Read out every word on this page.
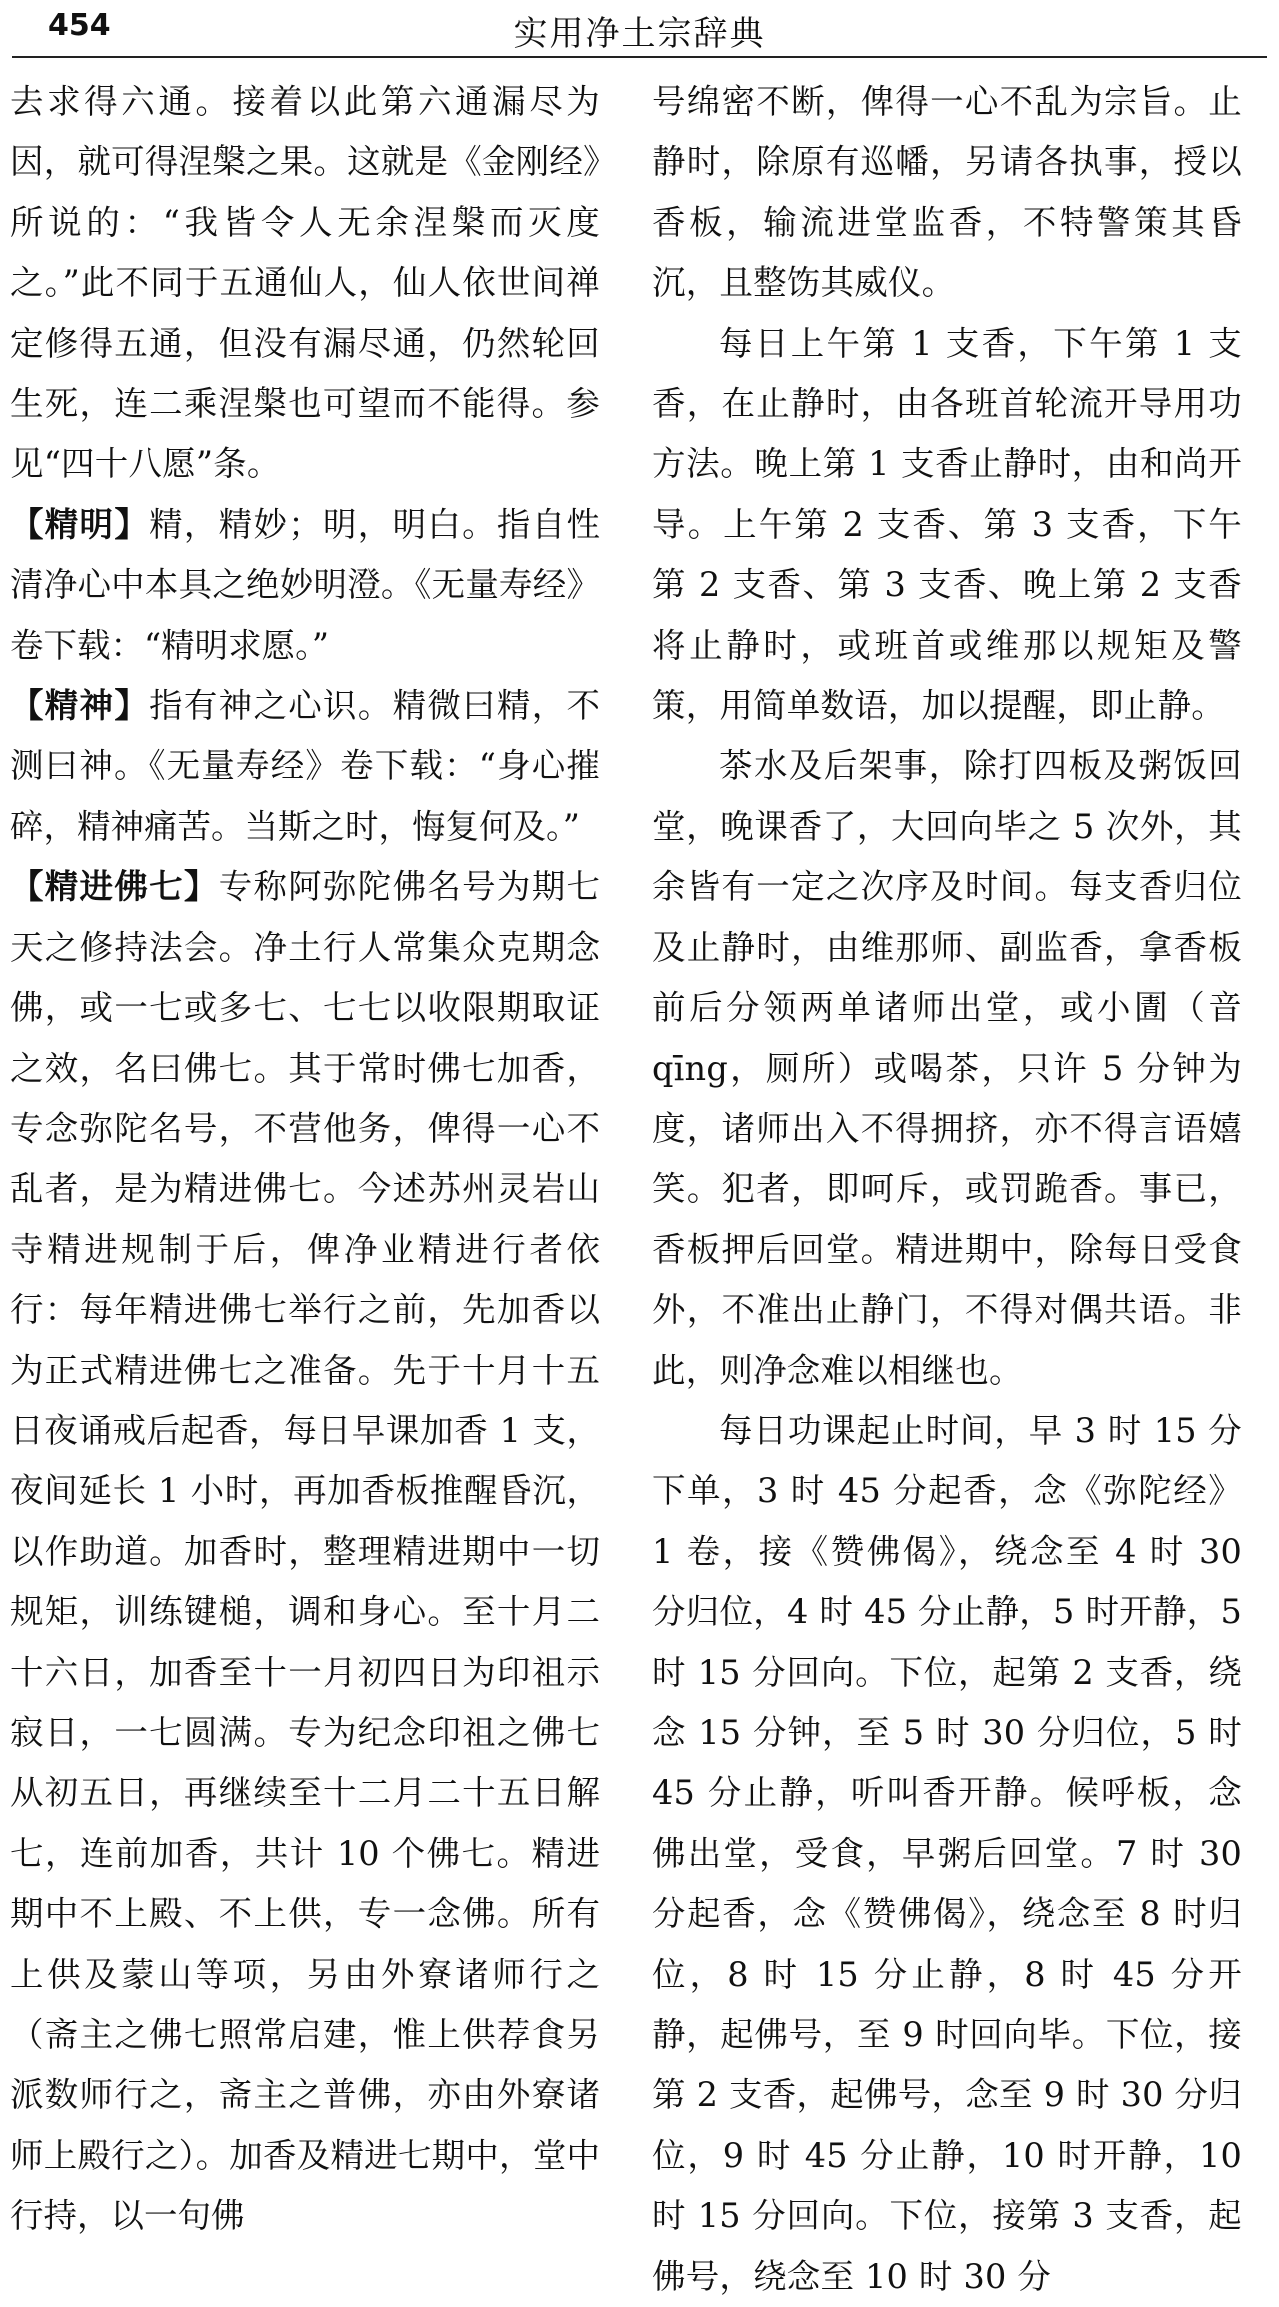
454	实用净土宗辞典

去求得六通。接着以此第六通漏尽为因，就可得涅槃之果。这就是《金刚经》所说的：“我皆令人无余涅槃而灭度之。”此不同于五通仙人，仙人依世间禅定修得五通，但没有漏尽通，仍然轮回生死，连二乘涅槃也可望而不能得。参见“四十八愿”条。

【精明】精，精妙；明，明白。指自性清净心中本具之绝妙明澄。《无量寿经》卷下载：“精明求愿。”

【精神】指有神之心识。精微曰精，不测曰神。《无量寿经》卷下载：“身心摧碎，精神痛苦。当斯之时，悔复何及。”

【精进佛七】专称阿弥陀佛名号为期七天之修持法会。净土行人常集众克期念佛，或一七或多七、七七以收限期取证之效，名曰佛七。其于常时佛七加香，专念弥陀名号，不营他务，俾得一心不乱者，是为精进佛七。今述苏州灵岩山寺精进规制于后，俾净业精进行者依行：每年精进佛七举行之前，先加香以为正式精进佛七之准备。先于十月十五日夜诵戒后起香，每日早课加香 1 支，夜间延长 1 小时，再加香板推醒昏沉，以作助道。加香时，整理精进期中一切规矩，训练键槌，调和身心。至十月二十六日，加香至十一月初四日为印祖示寂日，一七圆满。专为纪念印祖之佛七从初五日，再继续至十二月二十五日解七，连前加香，共计 10 个佛七。精进期中不上殿、不上供，专一念佛。所有上供及蒙山等项，另由外寮诸师行之（斋主之佛七照常启建，惟上供荐食另派数师行之，斋主之普佛，亦由外寮诸师上殿行之）。加香及精进七期中，堂中行持，以一句佛

号绵密不断，俾得一心不乱为宗旨。止静时，除原有巡幡，另请各执事，授以香板，输流进堂监香，不特警策其昏沉，且整饬其威仪。

每日上午第 1 支香，下午第 1 支香，在止静时，由各班首轮流开导用功方法。晚上第 1 支香止静时，由和尚开导。上午第 2 支香、第 3 支香，下午第 2 支香、第 3 支香、晚上第 2 支香将止静时，或班首或维那以规矩及警策，用简单数语，加以提醒，即止静。

茶水及后架事，除打四板及粥饭回堂，晚课香了，大回向毕之 5 次外，其余皆有一定之次序及时间。每支香归位及止静时，由维那师、副监香，拿香板前后分领两单诸师出堂，或小圊（音 qīng，厕所）或喝茶，只许 5 分钟为度，诸师出入不得拥挤，亦不得言语嬉笑。犯者，即呵斥，或罚跪香。事已，香板押后回堂。精进期中，除每日受食外，不准出止静门，不得对偶共语。非此，则净念难以相继也。

每日功课起止时间，早 3 时 15 分下单，3 时 45 分起香，念《弥陀经》1 卷，接《赞佛偈》，绕念至 4 时 30 分归位，4 时 45 分止静，5 时开静，5 时 15 分回向。下位，起第 2 支香，绕念 15 分钟，至 5 时 30 分归位，5 时 45 分止静，听叫香开静。候呼板，念佛出堂，受食，早粥后回堂。7 时 30 分起香，念《赞佛偈》，绕念至 8 时归位，8 时 15 分止静，8 时 45 分开静，起佛号，至 9 时回向毕。下位，接第 2 支香，起佛号，念至 9 时 30 分归位，9 时 45 分止静，10 时开静，10 时 15 分回向。下位，接第 3 支香，起佛号，绕念至 10 时 30 分
